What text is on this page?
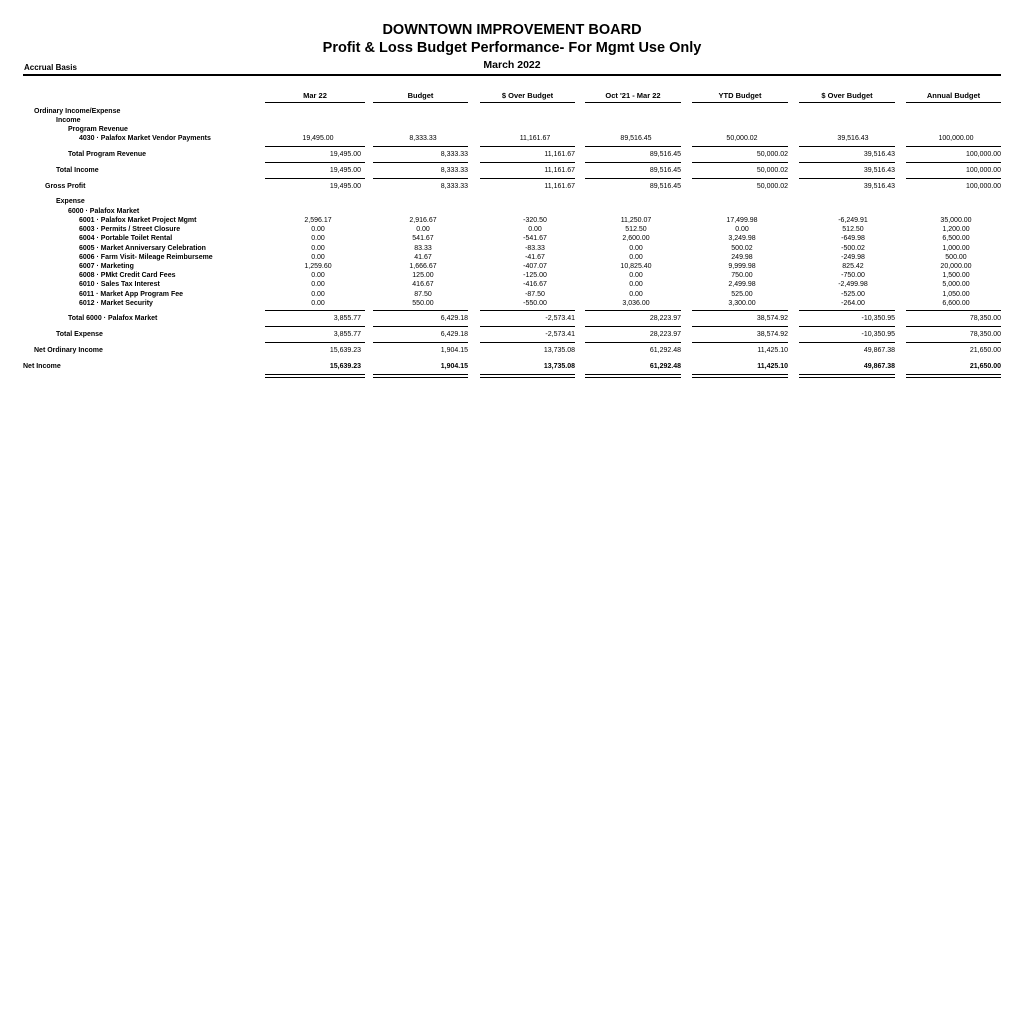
DOWNTOWN IMPROVEMENT BOARD
Profit & Loss Budget Performance- For Mgmt Use Only
March 2022
Accrual Basis
Mar 22	Budget	$ Over Budget	Oct '21 - Mar 22	YTD Budget	$ Over Budget	Annual Budget
Ordinary Income/Expense
Income
Program Revenue
Expense
6000 · Palafox Market
4030 · Palafox Market Vendor Payments	19,495.00	8,333.33	11,161.67	89,516.45	50,000.02	39,516.43	100,000.00
Total Program Revenue	19,495.00	8,333.33	11,161.67	89,516.45	50,000.02	39,516.43	100,000.00
Total Income	19,495.00	8,333.33	11,161.67	89,516.45	50,000.02	39,516.43	100,000.00
Gross Profit	19,495.00	8,333.33	11,161.67	89,516.45	50,000.02	39,516.43	100,000.00
6001 · Palafox Market Project Mgmt	2,596.17	2,916.67	-320.50	11,250.07	17,499.98	-6,249.91	35,000.00
6003 · Permits / Street Closure	0.00	0.00	0.00	512.50	0.00	512.50	1,200.00
6004 · Portable Toilet Rental	0.00	541.67	-541.67	2,600.00	3,249.98	-649.98	6,500.00
6005 · Market Anniversary Celebration	0.00	83.33	-83.33	0.00	500.02	-500.02	1,000.00
6006 · Farm Visit- Mileage Reimburseme	0.00	41.67	-41.67	0.00	249.98	-249.98	500.00
6007 · Marketing	1,259.60	1,666.67	-407.07	10,825.40	9,999.98	825.42	20,000.00
6008 · PMkt Credit Card Fees	0.00	125.00	-125.00	0.00	750.00	-750.00	1,500.00
6010 · Sales Tax Interest	0.00	416.67	-416.67	0.00	2,499.98	-2,499.98	5,000.00
6011 · Market App Program Fee	0.00	87.50	-87.50	0.00	525.00	-525.00	1,050.00
6012 · Market Security	0.00	550.00	-550.00	3,036.00	3,300.00	-264.00	6,600.00
Total 6000 · Palafox Market	3,855.77	6,429.18	-2,573.41	28,223.97	38,574.92	-10,350.95	78,350.00
Total Expense	3,855.77	6,429.18	-2,573.41	28,223.97	38,574.92	-10,350.95	78,350.00
Net Ordinary Income	15,639.23	1,904.15	13,735.08	61,292.48	11,425.10	49,867.38	21,650.00
Net Income	15,639.23	1,904.15	13,735.08	61,292.48	11,425.10	49,867.38	21,650.00
